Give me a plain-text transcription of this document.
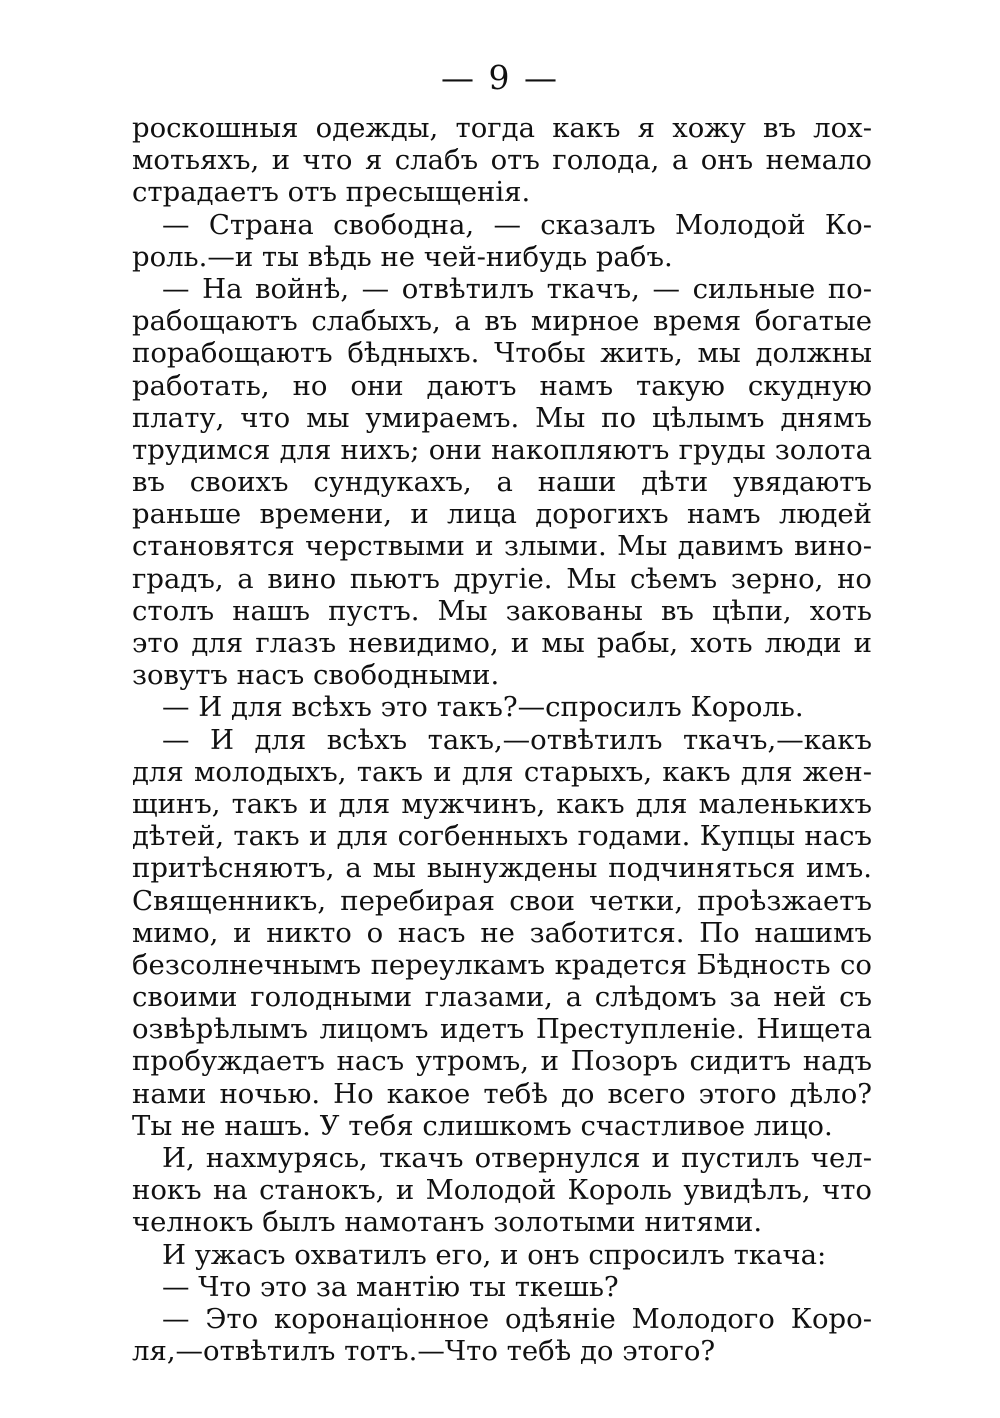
— 9 —
роскошныя одежды, тогда какъ я хожу въ лох-
мотьяхъ, и что я слабъ отъ голода, а онъ немало
страдаетъ отъ пресыщенія.
— Страна свободна, — сказалъ Молодой Ко-
роль.—и ты вѣдь не чей-нибудь рабъ.
— На войнѣ, — отвѣтилъ ткачъ, — сильные по-
рабощаютъ слабыхъ, а въ мирное время богатые
порабощаютъ бѣдныхъ. Чтобы жить, мы должны
работать, но они даютъ намъ такую скудную
плату, что мы умираемъ. Мы по цѣлымъ днямъ
трудимся для нихъ; они накопляютъ груды золота
въ своихъ сундукахъ, а наши дѣти увядаютъ
раньше времени, и лица дорогихъ намъ людей
становятся черствыми и злыми. Мы давимъ вино-
градъ, а вино пьютъ другіе. Мы сѣемъ зерно, но
столъ нашъ пустъ. Мы закованы въ цѣпи, хоть
это для глазъ невидимо, и мы рабы, хоть люди и
зовутъ насъ свободными.
— И для всѣхъ это такъ?—спросилъ Король.
— И для всѣхъ такъ,—отвѣтилъ ткачъ,—какъ
для молодыхъ, такъ и для старыхъ, какъ для жен-
щинъ, такъ и для мужчинъ, какъ для маленькихъ
дѣтей, такъ и для согбенныхъ годами. Купцы насъ
притѣсняютъ, а мы вынуждены подчиняться имъ.
Священникъ, перебирая свои четки, проѣзжаетъ
мимо, и никто о насъ не заботится. По нашимъ
безсолнечнымъ переулкамъ крадется Бѣдность со
своими голодными глазами, а слѣдомъ за ней съ
озвѣрѣлымъ лицомъ идетъ Преступленіе. Нищета
пробуждаетъ насъ утромъ, и Позоръ сидитъ надъ
нами ночью. Но какое тебѣ до всего этого дѣло?
Ты не нашъ. У тебя слишкомъ счастливое лицо.
И, нахмурясь, ткачъ отвернулся и пустилъ чел-
нокъ на станокъ, и Молодой Король увидѣлъ, что
челнокъ былъ намотанъ золотыми нитями.
И ужасъ охватилъ его, и онъ спросилъ ткача:
— Что это за мантію ты ткешь?
— Это коронаціонное одѣяніе Молодого Коро-
ля,—отвѣтилъ тотъ.—Что тебѣ до этого?
